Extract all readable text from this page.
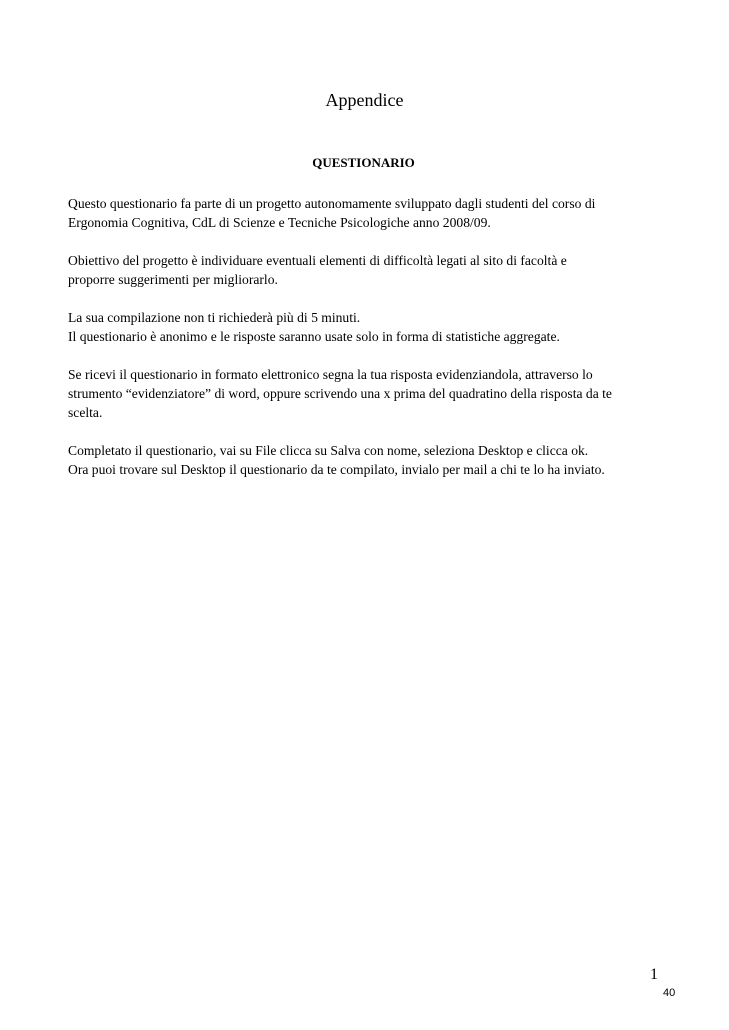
Appendice
QUESTIONARIO

Questo questionario fa parte di un progetto autonomamente sviluppato dagli studenti del corso di
Ergonomia Cognitiva, CdL di Scienze e Tecniche Psicologiche anno 2008/09.

Obiettivo del progetto è individuare eventuali elementi di difficoltà legati al sito di facoltà e
proporre suggerimenti per migliorarlo.

La sua compilazione non ti richiederà più di 5 minuti.
Il questionario è anonimo e le risposte saranno usate solo in forma di statistiche aggregate.

Se ricevi il questionario in formato elettronico segna la tua risposta evidenziandola, attraverso lo
strumento “evidenziatore” di word, oppure scrivendo una x prima del quadratino della risposta da te
scelta.

Completato il questionario, vai su File clicca su Salva con nome, seleziona Desktop e clicca ok.
Ora puoi trovare sul Desktop il questionario da te compilato, invialo per mail a chi te lo ha inviato.

1
40
